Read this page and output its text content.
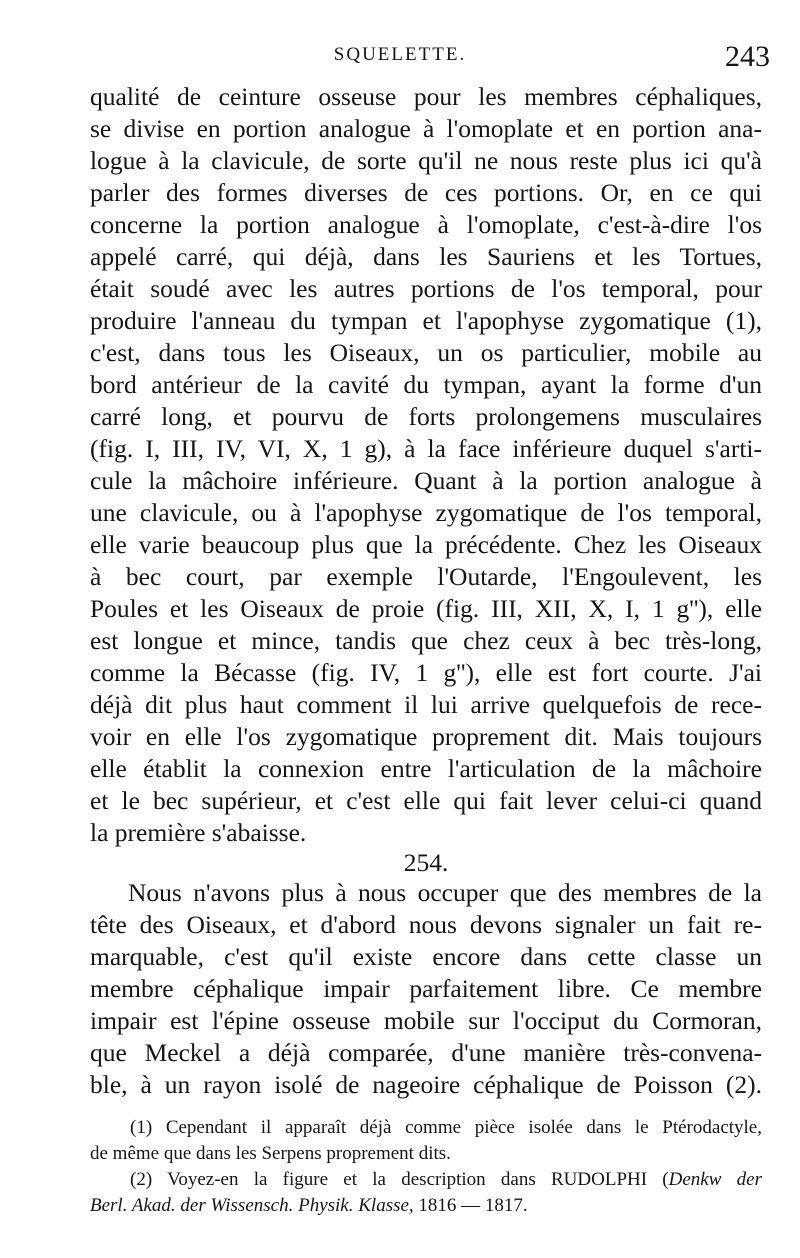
SQUELETTE.	243
qualité de ceinture osseuse pour les membres céphaliques,
se divise en portion analogue à l'omoplate et en portion ana-
logue à la clavicule, de sorte qu'il ne nous reste plus ici qu'à
parler des formes diverses de ces portions. Or, en ce qui
concerne la portion analogue à l'omoplate, c'est-à-dire l'os
appelé carré, qui déjà, dans les Sauriens et les Tortues,
était soudé avec les autres portions de l'os temporal, pour
produire l'anneau du tympan et l'apophyse zygomatique (1),
c'est, dans tous les Oiseaux, un os particulier, mobile au
bord antérieur de la cavité du tympan, ayant la forme d'un
carré long, et pourvu de forts prolongemens musculaires
(fig. I, III, IV, VI, X, 1 g), à la face inférieure duquel s'arti-
cule la mâchoire inférieure. Quant à la portion analogue à
une clavicule, ou à l'apophyse zygomatique de l'os temporal,
elle varie beaucoup plus que la précédente. Chez les Oiseaux
à bec court, par exemple l'Outarde, l'Engoulevent, les
Poules et les Oiseaux de proie (fig. III, XII, X, I, 1 g''), elle
est longue et mince, tandis que chez ceux à bec très-long,
comme la Bécasse (fig. IV, 1 g''), elle est fort courte. J'ai
déjà dit plus haut comment il lui arrive quelquefois de rece-
voir en elle l'os zygomatique proprement dit. Mais toujours
elle établit la connexion entre l'articulation de la mâchoire
et le bec supérieur, et c'est elle qui fait lever celui-ci quand
la première s'abaisse.
254.
Nous n'avons plus à nous occuper que des membres de la
tête des Oiseaux, et d'abord nous devons signaler un fait re-
marquable, c'est qu'il existe encore dans cette classe un
membre céphalique impair parfaitement libre. Ce membre
impair est l'épine osseuse mobile sur l'occiput du Cormoran,
que Meckel a déjà comparée, d'une manière très-convena-
ble, à un rayon isolé de nageoire céphalique de Poisson (2).
(1) Cependant il apparaît déjà comme pièce isolée dans le Ptérodactyle,
de même que dans les Serpens proprement dits.
(2) Voyez-en la figure et la description dans RUDOLPHI (Denkw der
Berl. Akad. der Wissensch. Physik. Klasse, 1816 — 1817.
